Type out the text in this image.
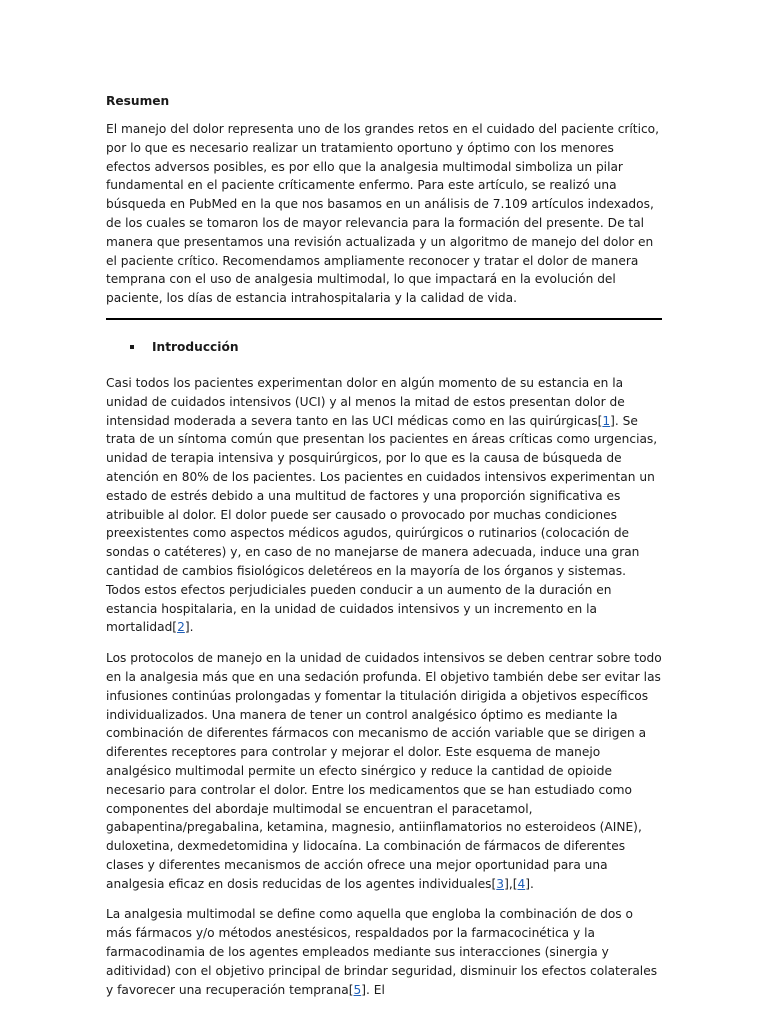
Resumen

El manejo del dolor representa uno de los grandes retos en el cuidado del paciente crítico, por lo que es necesario realizar un tratamiento oportuno y óptimo con los menores efectos adversos posibles, es por ello que la analgesia multimodal simboliza un pilar fundamental en el paciente críticamente enfermo. Para este artículo, se realizó una búsqueda en PubMed en la que nos basamos en un análisis de 7.109 artículos indexados, de los cuales se tomaron los de mayor relevancia para la formación del presente. De tal manera que presentamos una revisión actualizada y un algoritmo de manejo del dolor en el paciente crítico. Recomendamos ampliamente reconocer y tratar el dolor de manera temprana con el uso de analgesia multimodal, lo que impactará en la evolución del paciente, los días de estancia intrahospitalaria y la calidad de vida.

Introducción

Casi todos los pacientes experimentan dolor en algún momento de su estancia en la unidad de cuidados intensivos (UCI) y al menos la mitad de estos presentan dolor de intensidad moderada a severa tanto en las UCI médicas como en las quirúrgicas[1]. Se trata de un síntoma común que presentan los pacientes en áreas críticas como urgencias, unidad de terapia intensiva y posquirúrgicos, por lo que es la causa de búsqueda de atención en 80% de los pacientes. Los pacientes en cuidados intensivos experimentan un estado de estrés debido a una multitud de factores y una proporción significativa es atribuible al dolor. El dolor puede ser causado o provocado por muchas condiciones preexistentes como aspectos médicos agudos, quirúrgicos o rutinarios (colocación de sondas o catéteres) y, en caso de no manejarse de manera adecuada, induce una gran cantidad de cambios fisiológicos deletéreos en la mayoría de los órganos y sistemas. Todos estos efectos perjudiciales pueden conducir a un aumento de la duración en estancia hospitalaria, en la unidad de cuidados intensivos y un incremento en la mortalidad[2].

Los protocolos de manejo en la unidad de cuidados intensivos se deben centrar sobre todo en la analgesia más que en una sedación profunda. El objetivo también debe ser evitar las infusiones continúas prolongadas y fomentar la titulación dirigida a objetivos específicos individualizados. Una manera de tener un control analgésico óptimo es mediante la combinación de diferentes fármacos con mecanismo de acción variable que se dirigen a diferentes receptores para controlar y mejorar el dolor. Este esquema de manejo analgésico multimodal permite un efecto sinérgico y reduce la cantidad de opioide necesario para controlar el dolor. Entre los medicamentos que se han estudiado como componentes del abordaje multimodal se encuentran el paracetamol, gabapentina/pregabalina, ketamina, magnesio, antiinflamatorios no esteroideos (AINE), duloxetina, dexmedetomidina y lidocaína. La combinación de fármacos de diferentes clases y diferentes mecanismos de acción ofrece una mejor oportunidad para una analgesia eficaz en dosis reducidas de los agentes individuales[3],[4].

La analgesia multimodal se define como aquella que engloba la combinación de dos o más fármacos y/o métodos anestésicos, respaldados por la farmacocinética y la farmacodinamia de los agentes empleados mediante sus interacciones (sinergia y aditividad) con el objetivo principal de brindar seguridad, disminuir los efectos colaterales y favorecer una recuperación temprana[5]. El
